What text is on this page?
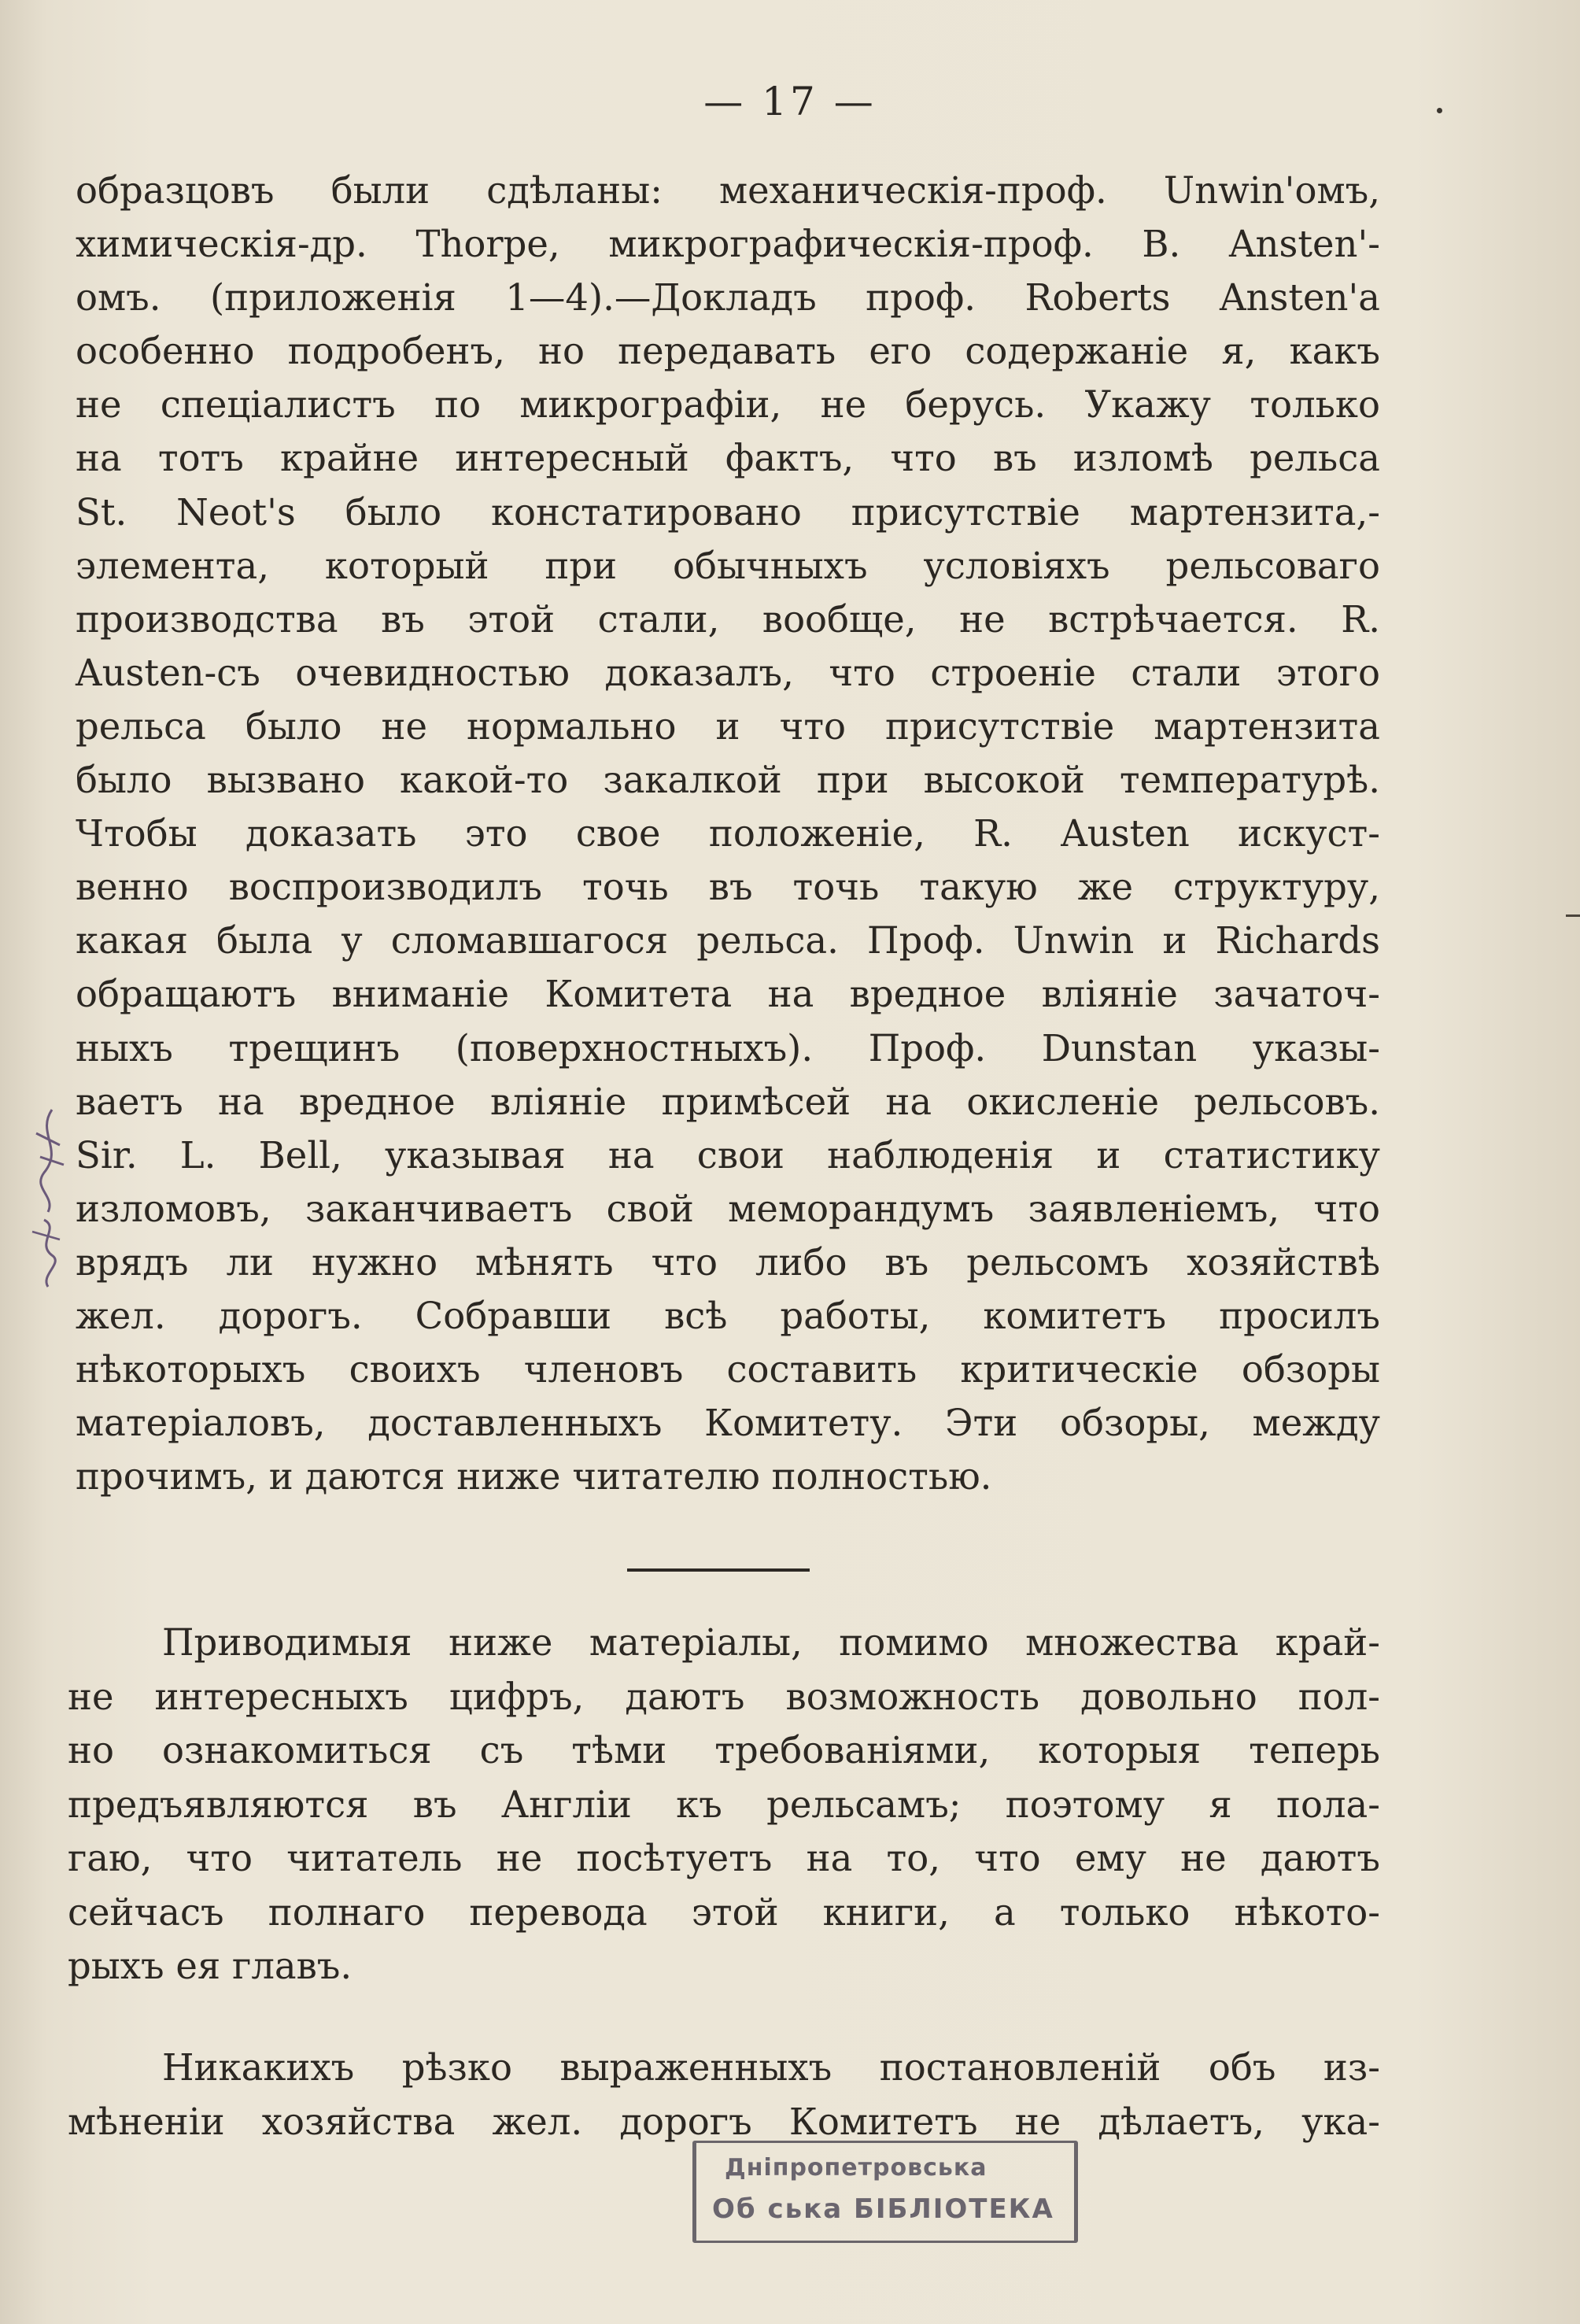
— 17 —
образцовъ были сдѣланы: механическія-проф. Unwin'омъ,
химическія-др. Thorpe, микрографическія-проф. B. Ansten'-
омъ. (приложенія 1—4).—Докладъ проф. Roberts Ansten'a
особенно подробенъ, но передавать его содержаніе я, какъ
не спеціалистъ по микрографіи, не берусь. Укажу только
на тотъ крайне интересный фактъ, что въ изломѣ рельса
St. Neot's было констатировано присутствіе мартензита,-
элемента, который при обычныхъ условіяхъ рельсоваго
производства въ этой стали, вообще, не встрѣчается. R.
Austen-съ очевидностью доказалъ, что строеніе стали этого
рельса было не нормально и что присутствіе мартензита
было вызвано какой-то закалкой при высокой температурѣ.
Чтобы доказать это свое положеніе, R. Austen искуст-
венно воспроизводилъ точь въ точь такую же структуру,
какая была у сломавшагося рельса. Проф. Unwin и Richards
обращаютъ вниманіе Комитета на вредное вліяніе зачаточ-
ныхъ трещинъ (поверхностныхъ). Проф. Dunstan указы-
ваетъ на вредное вліяніе примѣсей на окисленіе рельсовъ.
Sir. L. Bell, указывая на свои наблюденія и статистику
изломовъ, заканчиваетъ свой меморандумъ заявленіемъ, что
врядъ ли нужно мѣнять что либо въ рельсомъ хозяйствѣ
жел. дорогъ. Собравши всѣ работы, комитетъ просилъ
нѣкоторыхъ своихъ членовъ составить критическіе обзоры
матеріаловъ, доставленныхъ Комитету. Эти обзоры, между
прочимъ, и даются ниже читателю полностью.
Приводимыя ниже матеріалы, помимо множества край-
не интересныхъ цифръ, даютъ возможность довольно пол-
но ознакомиться съ тѣми требованіями, которыя теперь
предъявляются въ Англіи къ рельсамъ; поэтому я пола-
гаю, что читатель не посѣтуетъ на то, что ему не даютъ
сейчасъ полнаго перевода этой книги, а только нѣкото-
рыхъ ея главъ.
Никакихъ рѣзко выраженныхъ постановленій объ из-
мѣненіи хозяйства жел. дорогъ Комитетъ не дѣлаетъ, ука-
Дніпропетровська
Об ська БІБЛІОТЕКА
